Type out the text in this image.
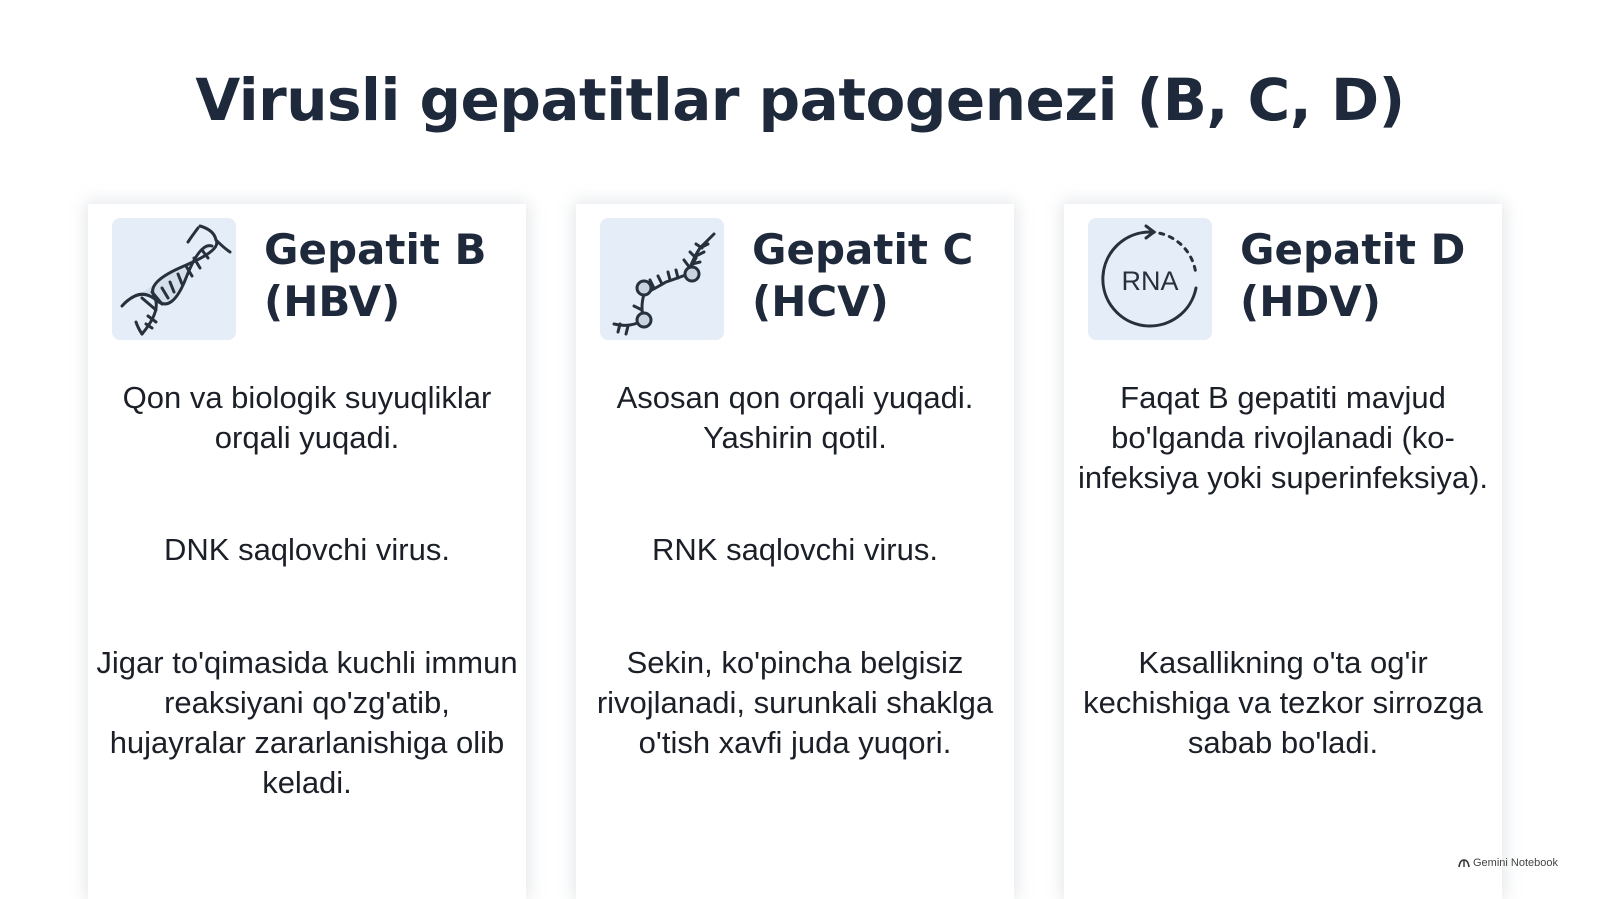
Virusli gepatitlar patogenezi (B, C, D)
Gepatit B
(HBV)

Qon va biologik suyuqliklar orqali yuqadi.

DNK saqlovchi virus.

Jigar to'qimasida kuchli immun reaksiyani qo'zg'atib, hujayralar zararlanishiga olib keladi.

Gepatit C
(HCV)

Asosan qon orqali yuqadi. Yashirin qotil.

RNK saqlovchi virus.

Sekin, ko'pincha belgisiz rivojlanadi, surunkali shaklga o'tish xavfi juda yuqori.

RNA
Gepatit D
(HDV)

Faqat B gepatiti mavjud bo'lganda rivojlanadi (ko-infeksiya yoki superinfeksiya).

Kasallikning o'ta og'ir kechishiga va tezkor sirrozga sabab bo'ladi.

Gemini Notebook
